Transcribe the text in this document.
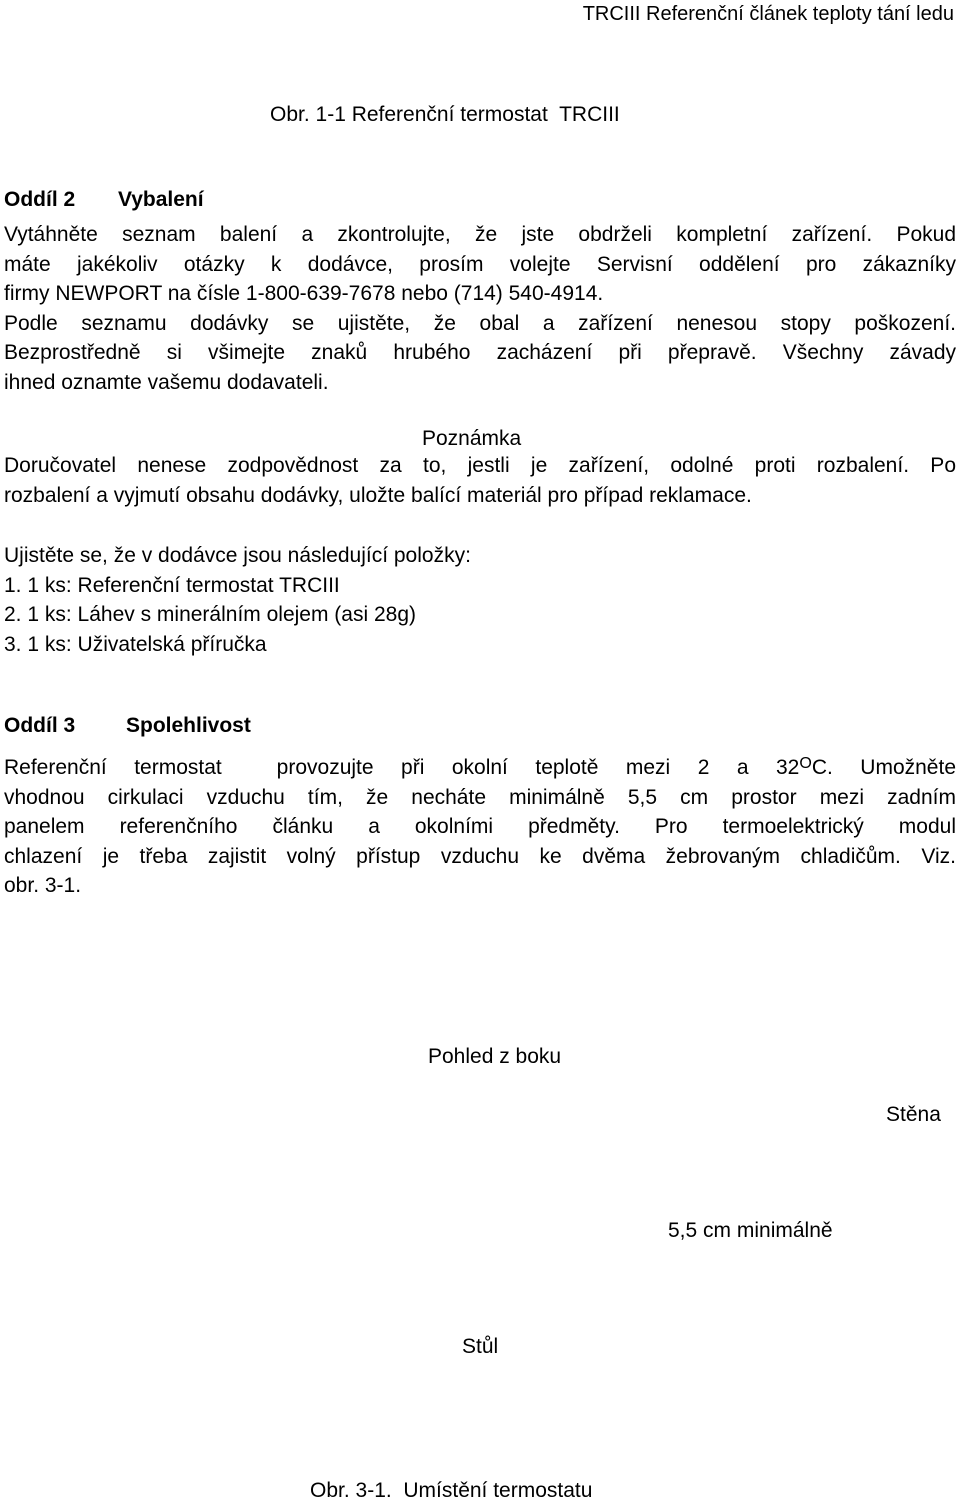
TRCIII Referenční článek teploty tání ledu
Obr. 1-1 Referenční termostat  TRCIII
Oddíl 2 Vybalení
Vytáhněte seznam balení a zkontrolujte, že jste obdrželi kompletní zařízení. Pokud
máte jakékoliv otázky k dodávce, prosím volejte Servisní oddělení pro zákazníky
firmy NEWPORT na čísle 1-800-639-7678 nebo (714) 540-4914.
Podle seznamu dodávky se ujistěte, že obal a zařízení nenesou stopy poškození.
Bezprostředně si všimejte znaků hrubého zacházení při přepravě. Všechny závady
ihned oznamte vašemu dodavateli.
Poznámka
Doručovatel nenese zodpovědnost za to, jestli je zařízení, odolné proti rozbalení. Po
rozbalení a vyjmutí obsahu dodávky, uložte balící materiál pro případ reklamace.
Ujistěte se, že v dodávce jsou následující položky:
1. 1 ks: Referenční termostat TRCIII
2. 1 ks: Láhev s minerálním olejem (asi 28g)
3. 1 ks: Uživatelská příručka
Oddíl 3 Spolehlivost
Referenční termostat  provozujte při okolní teplotě mezi 2 a $32^OC$. Umožněte
vhodnou cirkulaci vzduchu tím, že necháte minimálně 5,5 cm prostor mezi zadním
panelem referenčního článku a okolními předměty. Pro termoelektrický modul
chlazení je třeba zajistit volný přístup vzduchu ke dvěma žebrovaným chladičům. Viz.
obr. 3-1.
Pohled z boku
Stěna
5,5 cm minimálně
Stůl
Obr. 3-1.  Umístění termostatu
